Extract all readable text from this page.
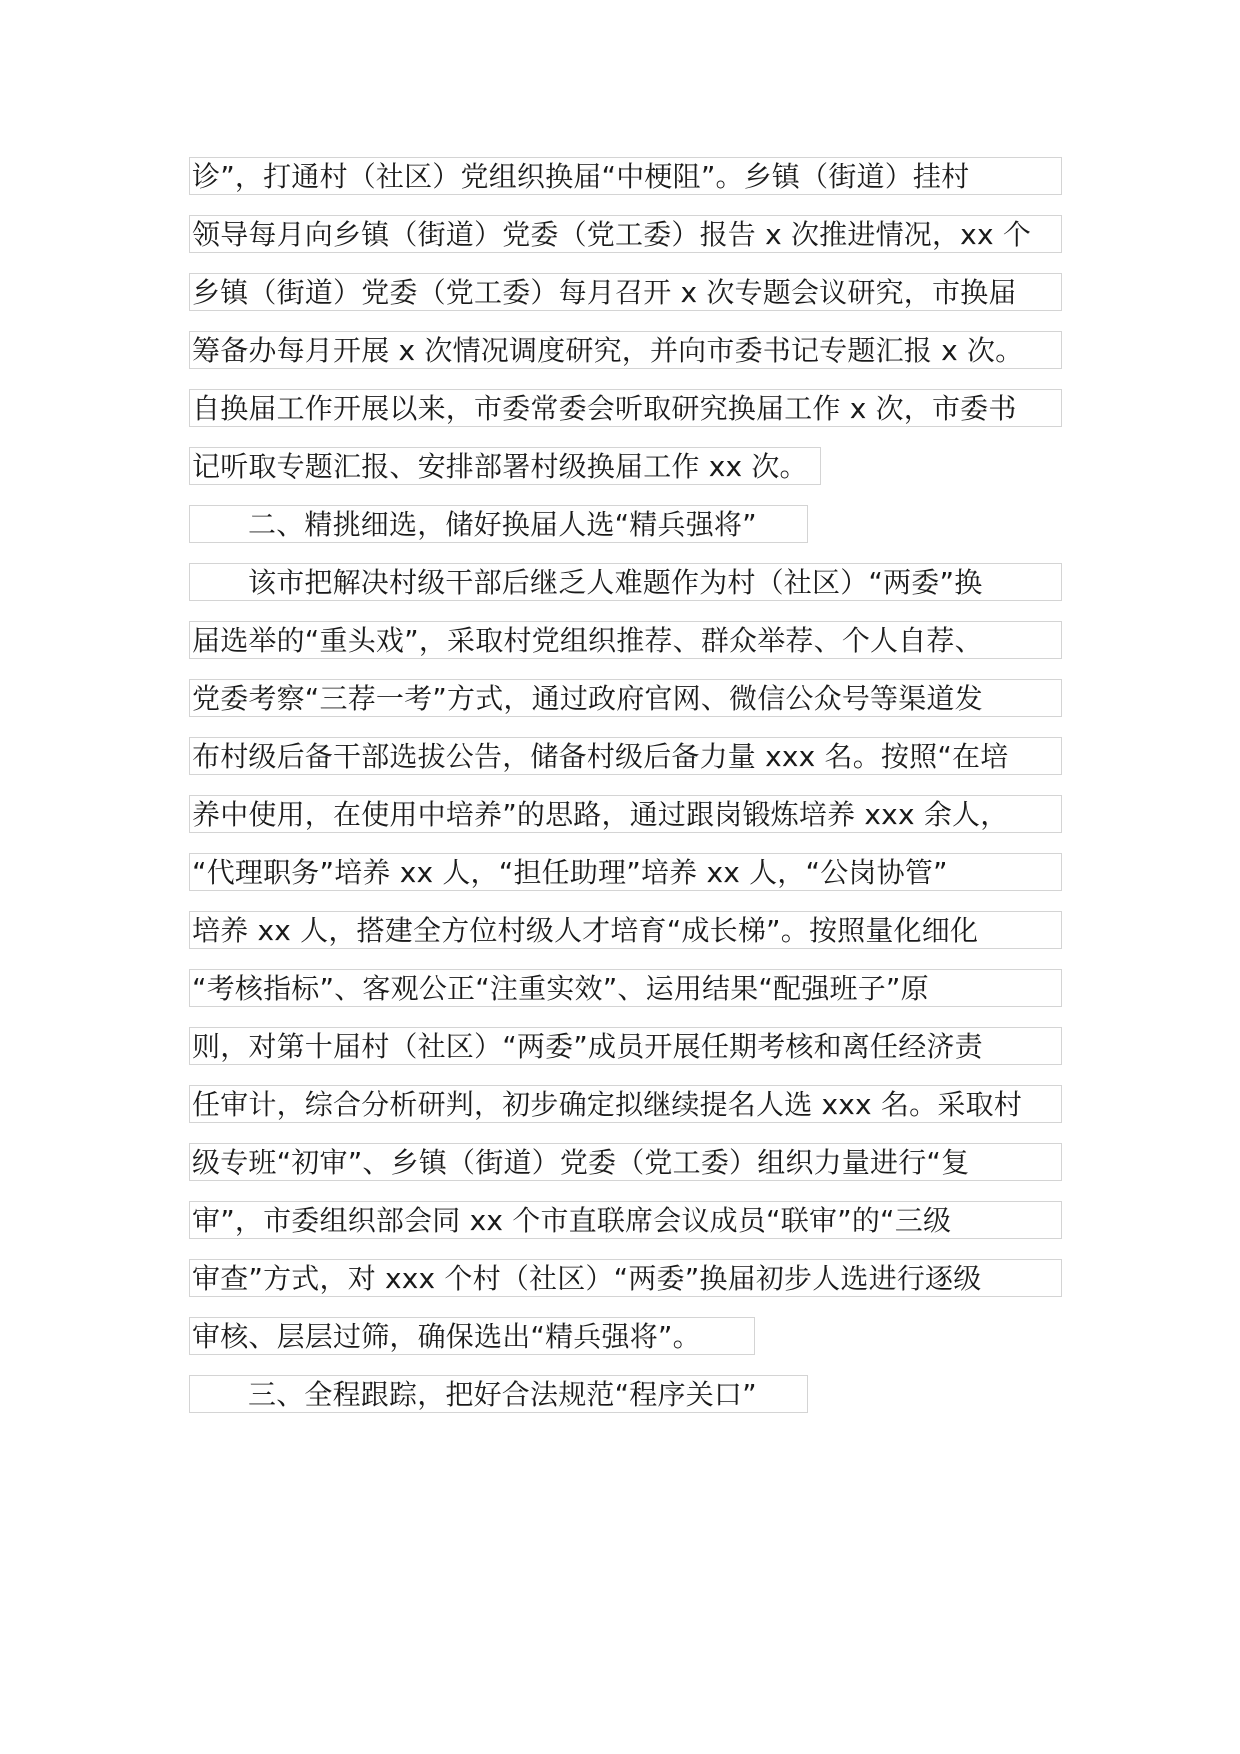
诊”，打通村（社区）党组织换届“中梗阻”。乡镇（街道）挂村
领导每月向乡镇（街道）党委（党工委）报告 x 次推进情况，xx 个
乡镇（街道）党委（党工委）每月召开 x 次专题会议研究，市换届
筹备办每月开展 x 次情况调度研究，并向市委书记专题汇报 x 次。
自换届工作开展以来，市委常委会听取研究换届工作 x 次，市委书
记听取专题汇报、安排部署村级换届工作 xx 次。
二、精挑细选，储好换届人选“精兵强将”
该市把解决村级干部后继乏人难题作为村（社区）“两委”换
届选举的“重头戏”，采取村党组织推荐、群众举荐、个人自荐、
党委考察“三荐一考”方式，通过政府官网、微信公众号等渠道发
布村级后备干部选拔公告，储备村级后备力量 xxx 名。按照“在培
养中使用，在使用中培养”的思路，通过跟岗锻炼培养 xxx 余人，
“代理职务”培养 xx 人，“担任助理”培养 xx 人，“公岗协管”
培养 xx 人，搭建全方位村级人才培育“成长梯”。按照量化细化
“考核指标”、客观公正“注重实效”、运用结果“配强班子”原
则，对第十届村（社区）“两委”成员开展任期考核和离任经济责
任审计，综合分析研判，初步确定拟继续提名人选 xxx 名。采取村
级专班“初审”、乡镇（街道）党委（党工委）组织力量进行“复
审”，市委组织部会同 xx 个市直联席会议成员“联审”的“三级
审查”方式，对 xxx 个村（社区）“两委”换届初步人选进行逐级
审核、层层过筛，确保选出“精兵强将”。
三、全程跟踪，把好合法规范“程序关口”
